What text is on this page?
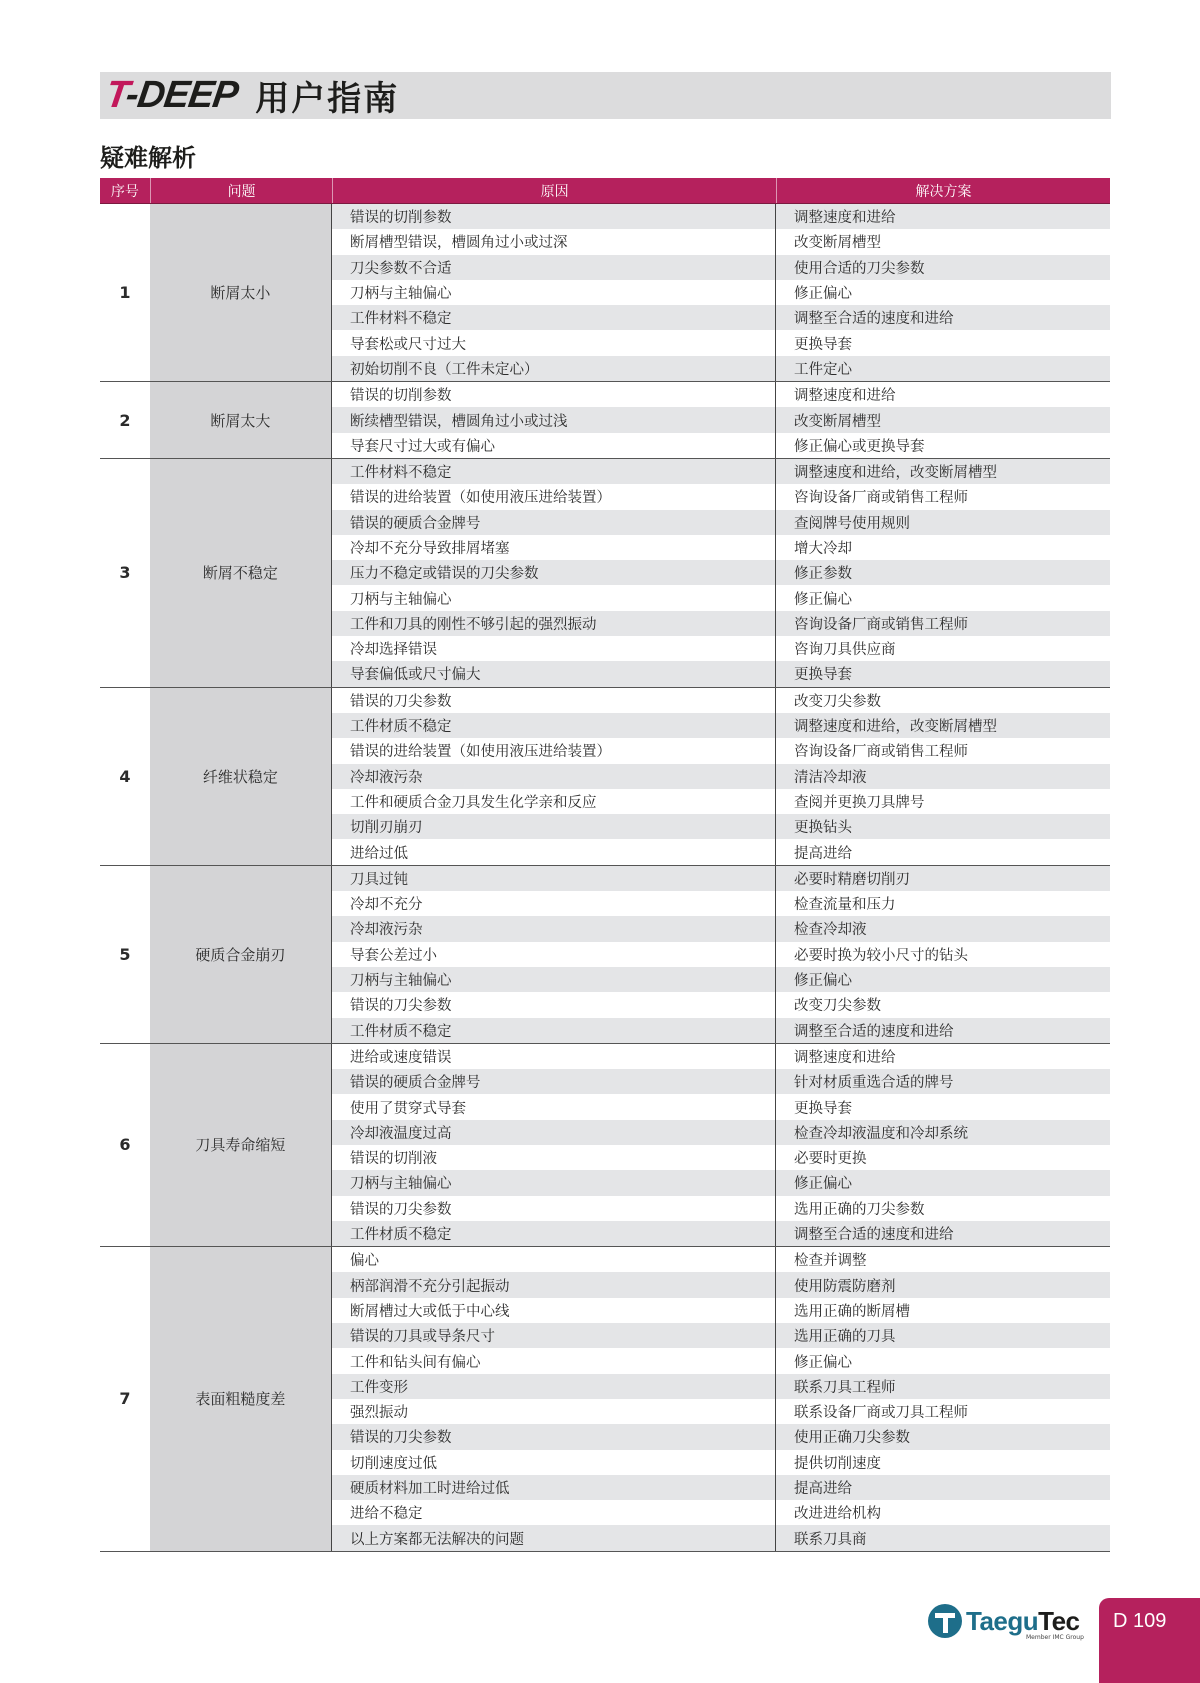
T-DEEP 用户指南
疑难解析
序号	问题	原因	解决方案
1	断屑太小
错误的切削参数	调整速度和进给
断屑槽型错误，槽圆角过小或过深	改变断屑槽型
刀尖参数不合适	使用合适的刀尖参数
刀柄与主轴偏心	修正偏心
工件材料不稳定	调整至合适的速度和进给
导套松或尺寸过大	更换导套
初始切削不良（工件未定心）	工件定心
2	断屑太大
错误的切削参数	调整速度和进给
断续槽型错误，槽圆角过小或过浅	改变断屑槽型
导套尺寸过大或有偏心	修正偏心或更换导套
3	断屑不稳定
工件材料不稳定	调整速度和进给，改变断屑槽型
错误的进给装置（如使用液压进给装置）	咨询设备厂商或销售工程师
错误的硬质合金牌号	查阅牌号使用规则
冷却不充分导致排屑堵塞	增大冷却
压力不稳定或错误的刀尖参数	修正参数
刀柄与主轴偏心	修正偏心
工件和刀具的刚性不够引起的强烈振动	咨询设备厂商或销售工程师
冷却选择错误	咨询刀具供应商
导套偏低或尺寸偏大	更换导套
4	纤维状稳定
错误的刀尖参数	改变刀尖参数
工件材质不稳定	调整速度和进给，改变断屑槽型
错误的进给装置（如使用液压进给装置）	咨询设备厂商或销售工程师
冷却液污杂	清洁冷却液
工件和硬质合金刀具发生化学亲和反应	查阅并更换刀具牌号
切削刃崩刃	更换钻头
进给过低	提高进给
5	硬质合金崩刃
刀具过钝	必要时精磨切削刃
冷却不充分	检查流量和压力
冷却液污杂	检查冷却液
导套公差过小	必要时换为较小尺寸的钻头
刀柄与主轴偏心	修正偏心
错误的刀尖参数	改变刀尖参数
工件材质不稳定	调整至合适的速度和进给
6	刀具寿命缩短
进给或速度错误	调整速度和进给
错误的硬质合金牌号	针对材质重选合适的牌号
使用了贯穿式导套	更换导套
冷却液温度过高	检查冷却液温度和冷却系统
错误的切削液	必要时更换
刀柄与主轴偏心	修正偏心
错误的刀尖参数	选用正确的刀尖参数
工件材质不稳定	调整至合适的速度和进给
7	表面粗糙度差
偏心	检查并调整
柄部润滑不充分引起振动	使用防震防磨剂
断屑槽过大或低于中心线	选用正确的断屑槽
错误的刀具或导条尺寸	选用正确的刀具
工件和钻头间有偏心	修正偏心
工件变形	联系刀具工程师
强烈振动	联系设备厂商或刀具工程师
错误的刀尖参数	使用正确刀尖参数
切削速度过低	提供切削速度
硬质材料加工时进给过低	提高进给
进给不稳定	改进进给机构
以上方案都无法解决的问题	联系刀具商
TaeguTec
Member IMC Group
D 109
